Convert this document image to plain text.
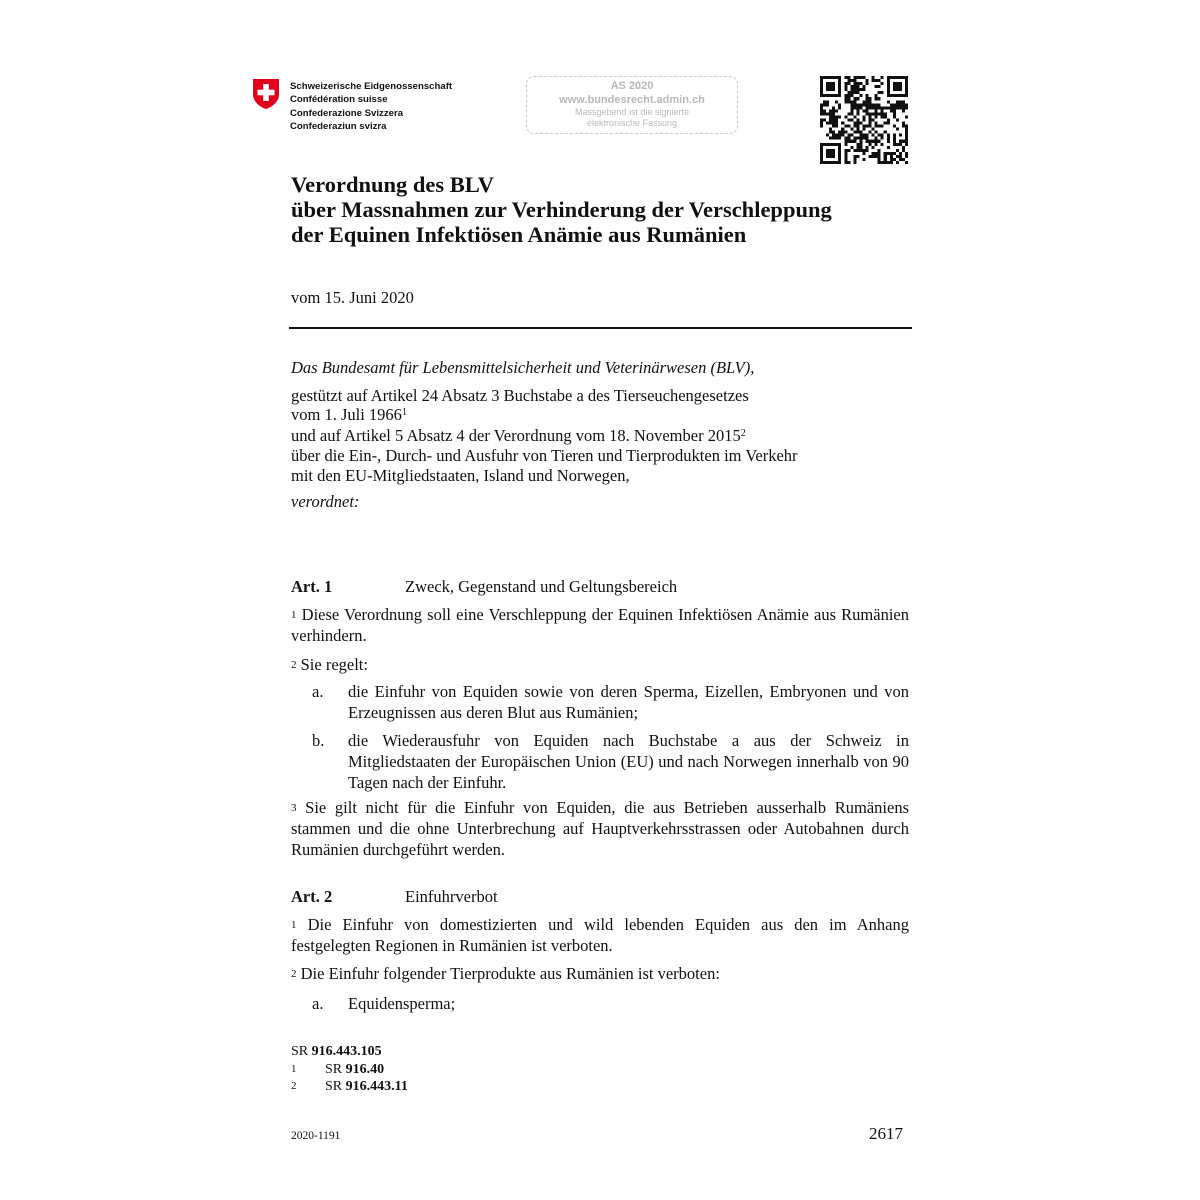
Schweizerische Eidgenossenschaft
Confédération suisse
Confederazione Svizzera
Confederaziun svizra
AS 2020
www.bundesrecht.admin.ch
Massgebend ist die signierte
elektronische Fassung
Verordnung des BLV
über Massnahmen zur Verhinderung der Verschleppung
der Equinen Infektiösen Anämie aus Rumänien
vom 15. Juni 2020
Das Bundesamt für Lebensmittelsicherheit und Veterinärwesen (BLV),
gestützt auf Artikel 24 Absatz 3 Buchstabe a des Tierseuchengesetzes
vom 1. Juli 1966$^1$
und auf Artikel 5 Absatz 4 der Verordnung vom 18. November 2015$^2$
über die Ein-, Durch- und Ausfuhr von Tieren und Tierprodukten im Verkehr
mit den EU-Mitgliedstaaten, Island und Norwegen,
verordnet:
Art. 1	Zweck, Gegenstand und Geltungsbereich
$^1$ Diese Verordnung soll eine Verschleppung der Equinen Infektiösen Anämie aus Rumänien verhindern.
$^2$ Sie regelt:
a. die Einfuhr von Equiden sowie von deren Sperma, Eizellen, Embryonen und von Erzeugnissen aus deren Blut aus Rumänien;
b. die Wiederausfuhr von Equiden nach Buchstabe a aus der Schweiz in Mitgliedstaaten der Europäischen Union (EU) und nach Norwegen innerhalb von 90 Tagen nach der Einfuhr.
$^3$ Sie gilt nicht für die Einfuhr von Equiden, die aus Betrieben ausserhalb Rumäniens stammen und die ohne Unterbrechung auf Hauptverkehrsstrassen oder Autobahnen durch Rumänien durchgeführt werden.
Art. 2	Einfuhrverbot
$^1$ Die Einfuhr von domestizierten und wild lebenden Equiden aus den im Anhang festgelegten Regionen in Rumänien ist verboten.
$^2$ Die Einfuhr folgender Tierprodukte aus Rumänien ist verboten:
a. Equidensperma;
SR 916.443.105
1 SR 916.40
2 SR 916.443.11
2020-1191	2617
